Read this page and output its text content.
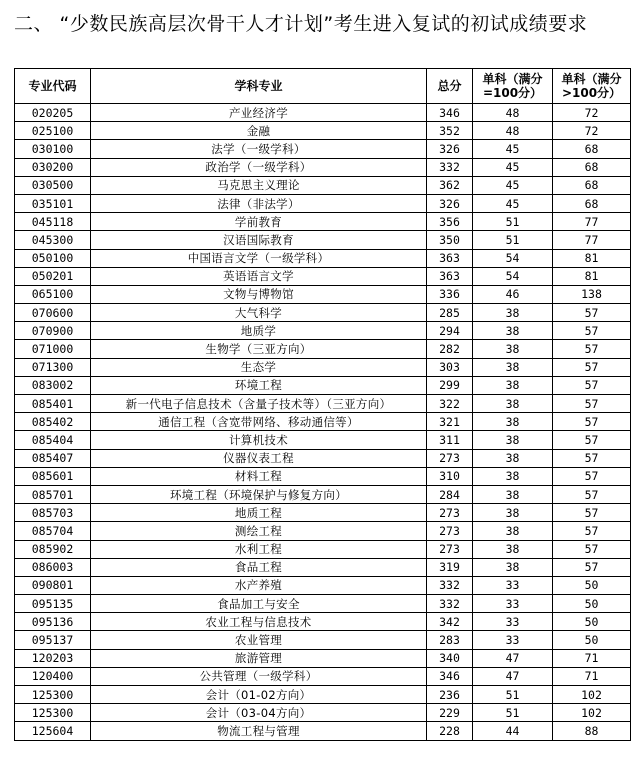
二、 “少数民族高层次骨干人才计划”考生进入复试的初试成绩要求
专业代码	学科专业	总分	单科（满分=100分）	单科（满分>100分）
020205	产业经济学	346	48	72
025100	金融	352	48	72
030100	法学（一级学科）	326	45	68
030200	政治学（一级学科）	332	45	68
030500	马克思主义理论	362	45	68
035101	法律（非法学）	326	45	68
045118	学前教育	356	51	77
045300	汉语国际教育	350	51	77
050100	中国语言文学（一级学科）	363	54	81
050201	英语语言文学	363	54	81
065100	文物与博物馆	336	46	138
070600	大气科学	285	38	57
070900	地质学	294	38	57
071000	生物学（三亚方向）	282	38	57
071300	生态学	303	38	57
083002	环境工程	299	38	57
085401	新一代电子信息技术（含量子技术等）（三亚方向）	322	38	57
085402	通信工程（含宽带网络、移动通信等）	321	38	57
085404	计算机技术	311	38	57
085407	仪器仪表工程	273	38	57
085601	材料工程	310	38	57
085701	环境工程（环境保护与修复方向）	284	38	57
085703	地质工程	273	38	57
085704	测绘工程	273	38	57
085902	水利工程	273	38	57
086003	食品工程	319	38	57
090801	水产养殖	332	33	50
095135	食品加工与安全	332	33	50
095136	农业工程与信息技术	342	33	50
095137	农业管理	283	33	50
120203	旅游管理	340	47	71
120400	公共管理（一级学科）	346	47	71
125300	会计（01-02方向）	236	51	102
125300	会计（03-04方向）	229	51	102
125604	物流工程与管理	228	44	88
